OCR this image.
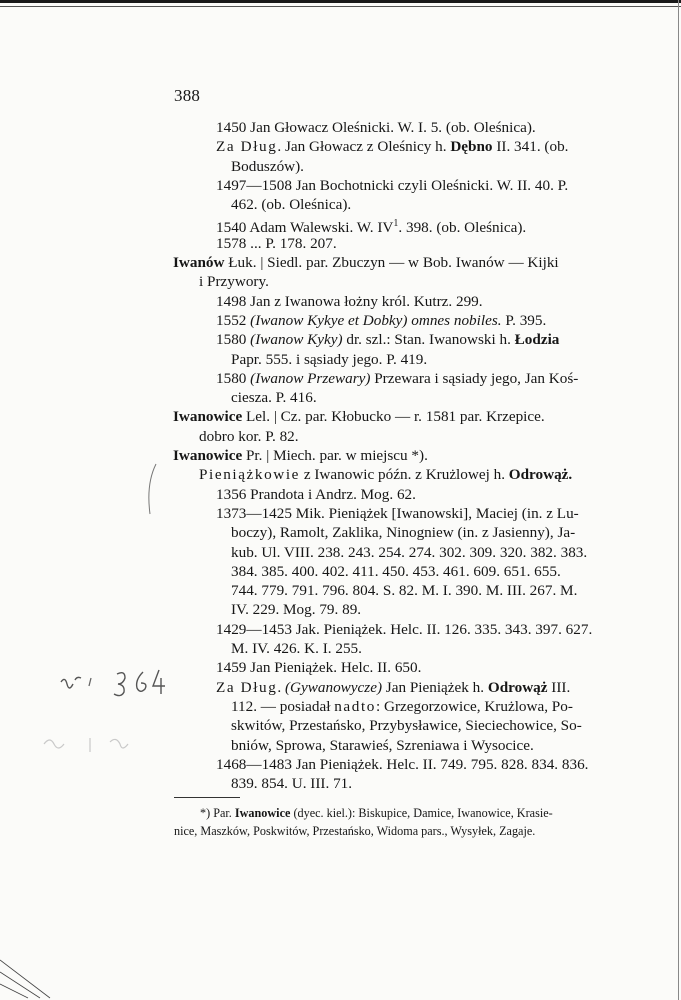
388
1450 Jan Głowacz Oleśnicki. W. I. 5. (ob. Oleśnica).
Za Dług. Jan Głowacz z Oleśnicy h. Dębno II. 341. (ob.
Boduszów).
1497—1508 Jan Bochotnicki czyli Oleśnicki. W. II. 40. P.
462. (ob. Oleśnica).
1540 Adam Walewski. W. $IV^1$. 398. (ob. Oleśnica).
1578 ... P. 178. 207.
Iwanów Łuk. | Siedl. par. Zbuczyn — w Bob. Iwanów — Kijki
i Przywory.
1498 Jan z Iwanowa łożny król. Kutrz. 299.
1552 (Iwanow Kykye et Dobky) omnes nobiles. P. 395.
1580 (Iwanow Kyky) dr. szl.: Stan. Iwanowski h. Łodzia
Papr. 555. i sąsiady jego. P. 419.
1580 (Iwanow Przewary) Przewara i sąsiady jego, Jan Koś-
ciesza. P. 416.
Iwanowice Lel. | Cz. par. Kłobucko — r. 1581 par. Krzepice.
dobro kor. P. 82.
Iwanowice Pr. | Miech. par. w miejscu *).
Pieniążkowie z Iwanowic późn. z Krużlowej h. Odrowąż.
1356 Prandota i Andrz. Mog. 62.
1373—1425 Mik. Pieniążek [Iwanowski], Maciej (in. z Lu-
boczy), Ramolt, Zaklika, Ninogniew (in. z Jasienny), Ja-
kub. Ul. VIII. 238. 243. 254. 274. 302. 309. 320. 382. 383.
384. 385. 400. 402. 411. 450. 453. 461. 609. 651. 655.
744. 779. 791. 796. 804. S. 82. M. I. 390. M. III. 267. M.
IV. 229. Mog. 79. 89.
1429—1453 Jak. Pieniążek. Helc. II. 126. 335. 343. 397. 627.
M. IV. 426. K. I. 255.
1459 Jan Pieniążek. Helc. II. 650.
Za Dług. (Gywanowycze) Jan Pieniążek h. Odrowąż III.
112. — posiadał nadto: Grzegorzowice, Krużlowa, Po-
skwitów, Przestańsko, Przybysławice, Sieciechowice, So-
bniów, Sprowa, Starawieś, Szreniawa i Wysocice.
1468—1483 Jan Pieniążek. Helc. II. 749. 795. 828. 834. 836.
839. 854. U. III. 71.
*) Par. Iwanowice (dyec. kiel.): Biskupice, Damice, Iwanowice, Krasie-
nice, Maszków, Poskwitów, Przestańsko, Widoma pars., Wysyłek, Zagaje.
